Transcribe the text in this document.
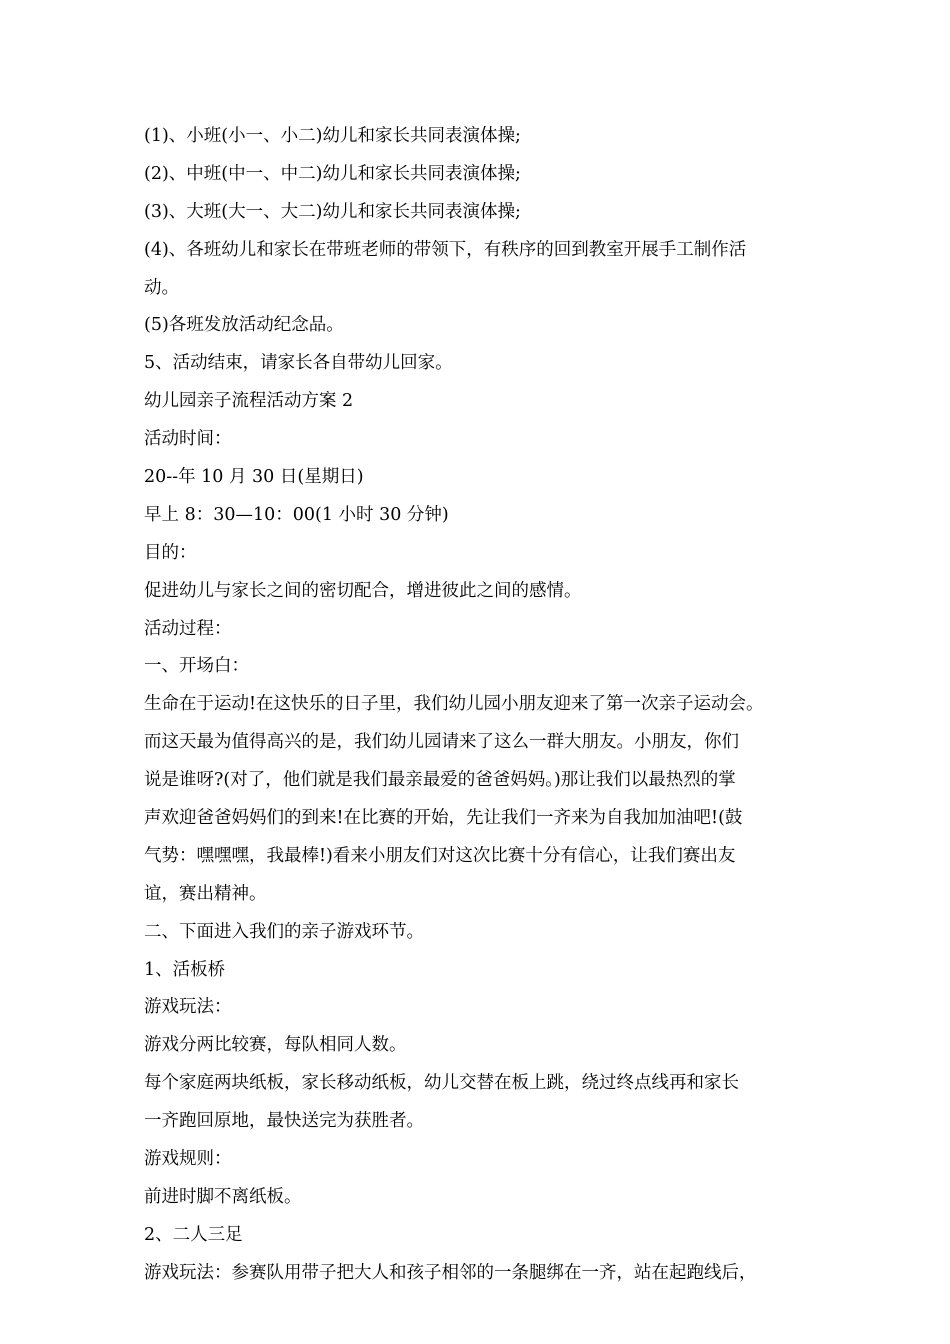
(1)、小班(小一、小二)幼儿和家长共同表演体操;
(2)、中班(中一、中二)幼儿和家长共同表演体操;
(3)、大班(大一、大二)幼儿和家长共同表演体操;
(4)、各班幼儿和家长在带班老师的带领下，有秩序的回到教室开展手工制作活
动。
(5)各班发放活动纪念品。
5、活动结束，请家长各自带幼儿回家。
幼儿园亲子流程活动方案 2
活动时间：
20--年 10 月 30 日(星期日)
早上 8：30—10：00(1 小时 30 分钟)
目的：
促进幼儿与家长之间的密切配合，增进彼此之间的感情。
活动过程：
一、开场白：
生命在于运动!在这快乐的日子里，我们幼儿园小朋友迎来了第一次亲子运动会。
而这天最为值得高兴的是，我们幼儿园请来了这么一群大朋友。小朋友，你们
说是谁呀?(对了，他们就是我们最亲最爱的爸爸妈妈。)那让我们以最热烈的掌
声欢迎爸爸妈妈们的到来!在比赛的开始，先让我们一齐来为自我加加油吧!(鼓
气势：嘿嘿嘿，我最棒!)看来小朋友们对这次比赛十分有信心，让我们赛出友
谊，赛出精神。
二、下面进入我们的亲子游戏环节。
1、活板桥
游戏玩法：
游戏分两比较赛，每队相同人数。
每个家庭两块纸板，家长移动纸板，幼儿交替在板上跳，绕过终点线再和家长
一齐跑回原地，最快送完为获胜者。
游戏规则：
前进时脚不离纸板。
2、二人三足
游戏玩法：参赛队用带子把大人和孩子相邻的一条腿绑在一齐，站在起跑线后，
